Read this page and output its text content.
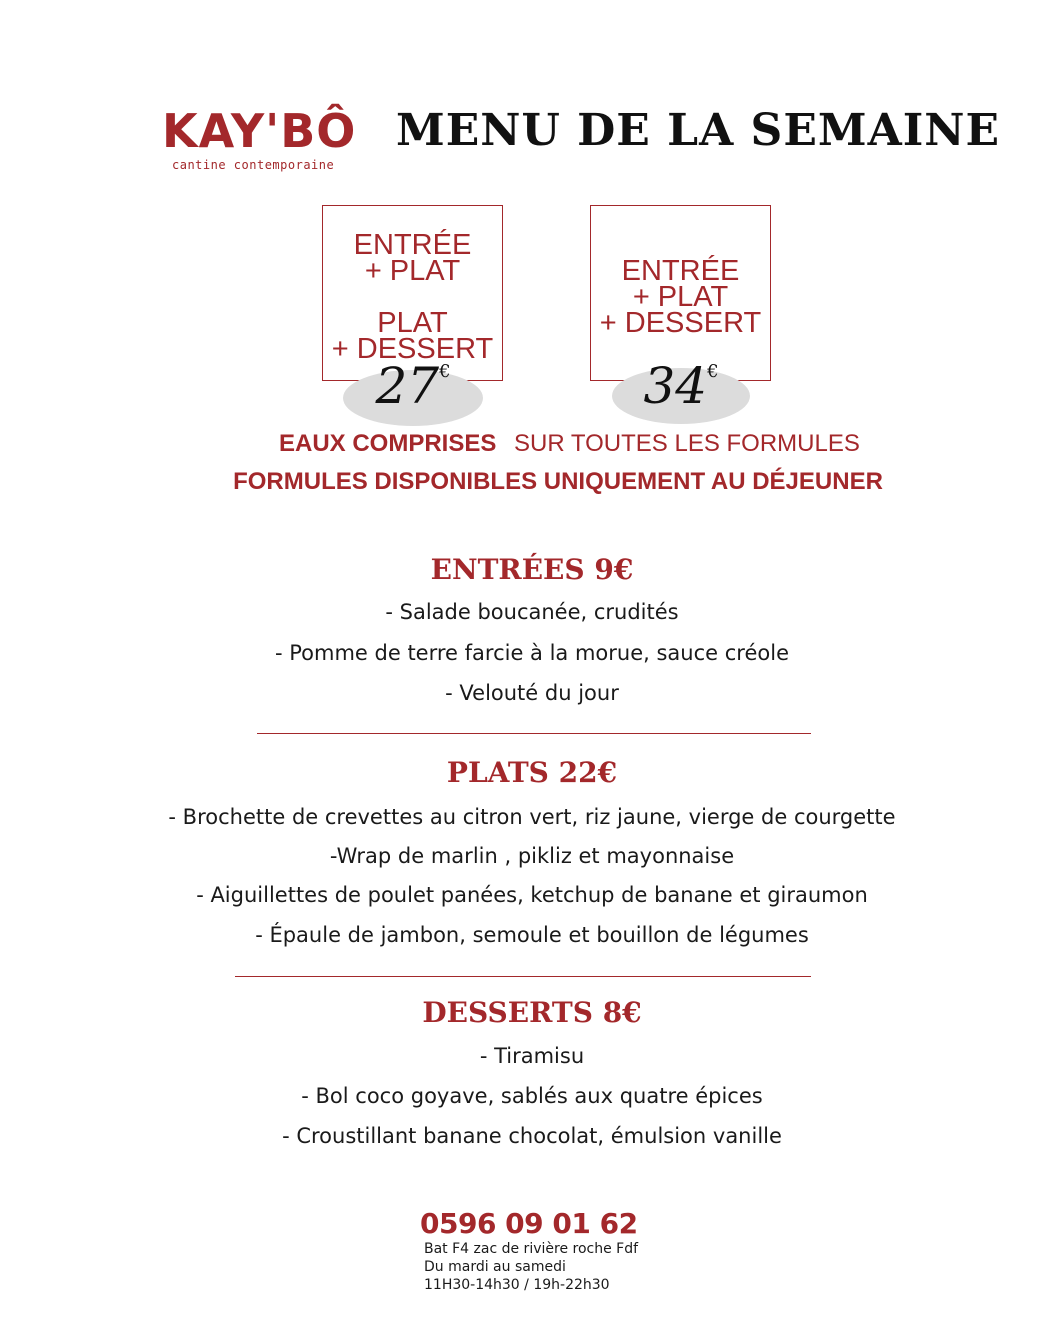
KAY'BÔ
cantine contemporaine
MENU DE LA SEMAINE
ENTRÉE
+ PLAT
PLAT
+ DESSERT
27€
ENTRÉE
+ PLAT
+ DESSERT
34€
EAUX COMPRISES SUR TOUTES LES FORMULES
FORMULES DISPONIBLES UNIQUEMENT AU DÉJEUNER
ENTRÉES 9€
- Salade boucanée, crudités
- Pomme de terre farcie à la morue, sauce créole
- Velouté du jour
PLATS 22€
- Brochette de crevettes au citron vert, riz jaune, vierge de courgette
-Wrap de marlin , pikliz et mayonnaise
- Aiguillettes de poulet panées, ketchup de banane et giraumon
- Épaule de jambon, semoule et bouillon de légumes
DESSERTS 8€
- Tiramisu
- Bol coco goyave, sablés aux quatre épices
- Croustillant banane chocolat, émulsion vanille
0596 09 01 62
Bat F4 zac de rivière roche Fdf
Du mardi au samedi
11H30-14h30 / 19h-22h30
